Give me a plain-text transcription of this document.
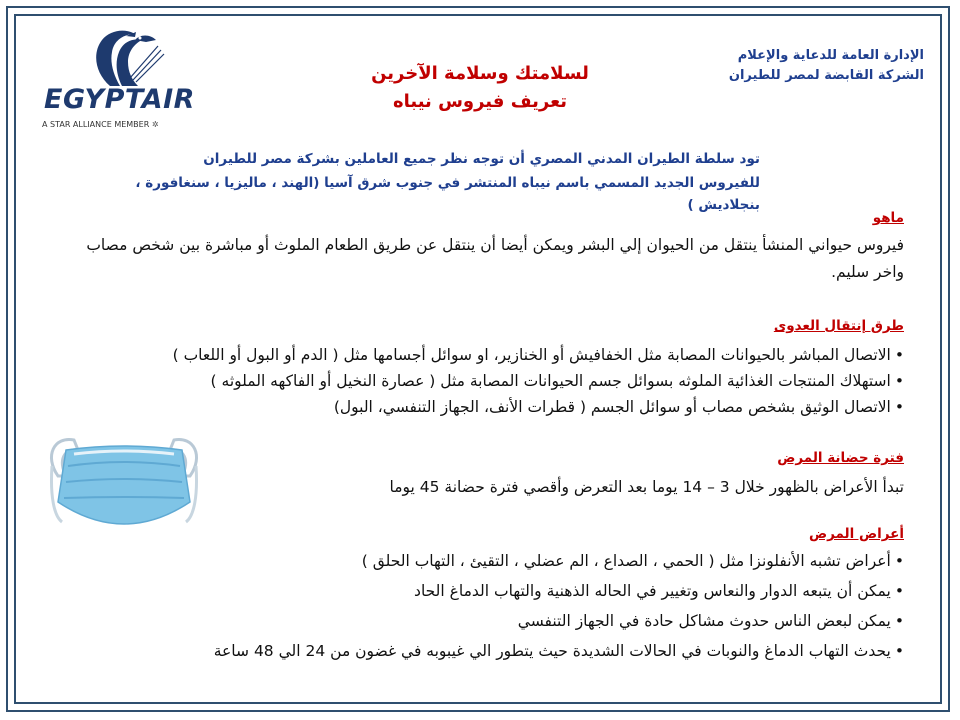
EGYPTAIR
A STAR ALLIANCE MEMBER ✲
الإدارة العامة للدعاية والإعلام
الشركة القابضة لمصر للطيران
لسلامتك وسلامة الآخرين
تعريف فيروس نيباه
تود سلطة الطيران المدني المصري أن توجه نظر جميع العاملين بشركة مصر للطيران
للفيروس الجديد المسمي باسم نيباه المنتشر في جنوب شرق آسيا (الهند ، ماليزيا ، سنغافورة ، بنجلاديش )
ماهو
فيروس حيواني المنشأ ينتقل من الحيوان إلي البشر ويمكن أيضا أن ينتقل عن طريق الطعام الملوث أو مباشرة بين شخص مصاب واخر سليم.
طرق إنتقال العدوى
•الاتصال المباشر بالحيوانات المصابة مثل الخفافيش أو الخنازير، او سوائل أجسامها مثل ( الدم أو البول أو اللعاب )
•استهلاك المنتجات الغذائية الملوثه بسوائل جسم الحيوانات المصابة مثل ( عصارة النخيل أو الفاكهه الملوثه )
•الاتصال الوثيق بشخص مصاب أو سوائل الجسم ( قطرات الأنف، الجهاز التنفسي، البول)
فترة حضانة المرض
تبدأ الأعراض بالظهور خلال 3 – 14 يوما بعد التعرض وأقصي فترة حضانة 45 يوما
أعراض المرض
•أعراض تشبه الأنفلونزا مثل ( الحمي ، الصداع ، الم عضلي ، التقيئ ، التهاب الحلق )
•يمكن أن يتبعه الدوار والنعاس وتغيير في الحاله الذهنية والتهاب الدماغ الحاد
•يمكن لبعض الناس حدوث مشاكل حادة في الجهاز التنفسي
•يحدث التهاب الدماغ والنوبات في الحالات الشديدة حيث يتطور الي غيبوبه في غضون من 24 الي 48 ساعة
